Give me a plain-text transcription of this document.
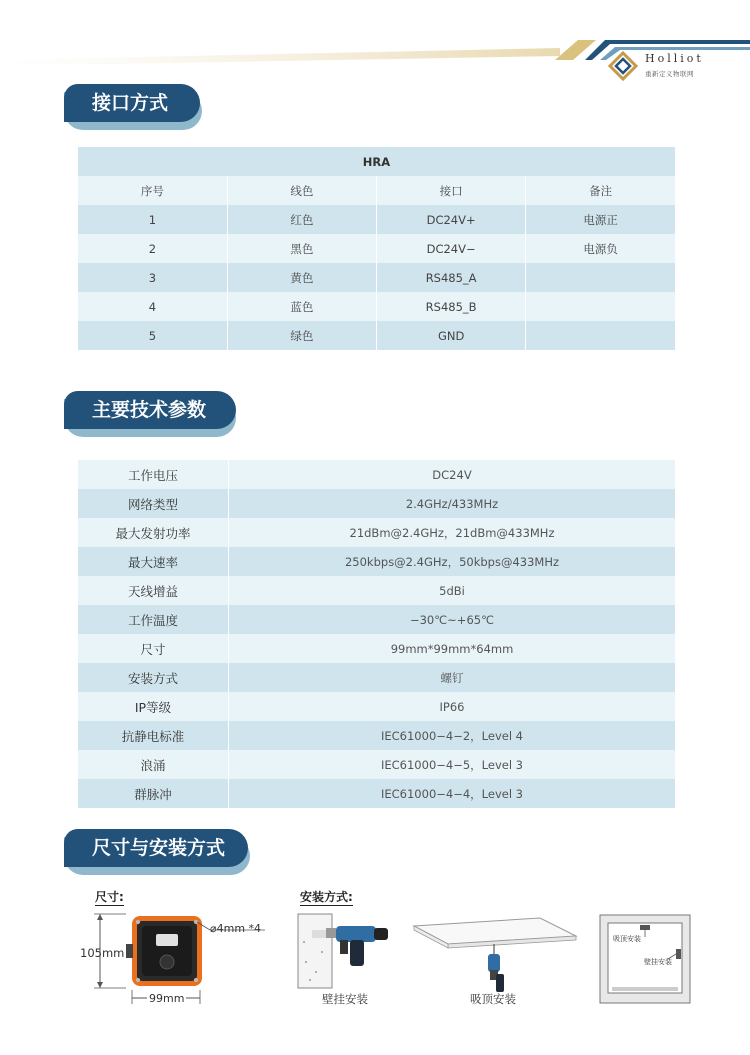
Holliot
重新定义物联网
接口方式
HRA			
序号	线色	接口	备注
1	红色	DC24V+	电源正
2	黑色	DC24V−	电源负
3	黄色	RS485_A	
4	蓝色	RS485_B	
5	绿色	GND	
主要技术参数
工作电压	DC24V
网络类型	2.4GHz/433MHz
最大发射功率	21dBm@2.4GHz，21dBm@433MHz
最大速率	250kbps@2.4GHz，50kbps@433MHz
天线增益	5dBi
工作温度	−30℃~+65℃
尺寸	99mm*99mm*64mm
安装方式	螺钉
IP等级	IP66
抗静电标准	IEC61000−4−2，Level 4
浪涌	IEC61000−4−5，Level 3
群脉冲	IEC61000−4−4，Level 3
尺寸与安装方式
尺寸:
105mm
99mm
⌀4mm *4
安装方式:
壁挂安装	吸顶安装
吸顶安装
壁挂安装
